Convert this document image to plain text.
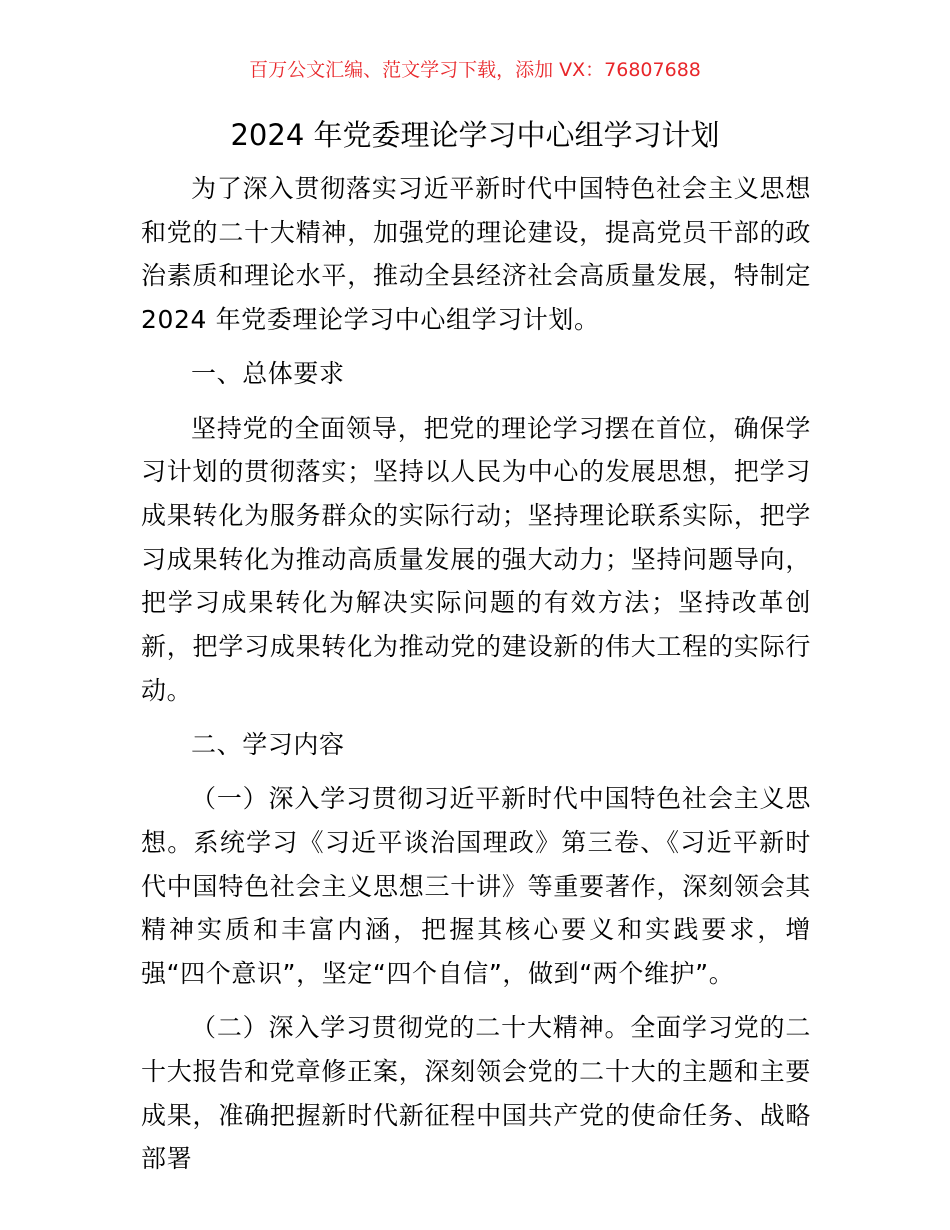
百万公文汇编、范文学习下载，添加 VX：76807688
2024 年党委理论学习中心组学习计划

为了深入贯彻落实习近平新时代中国特色社会主义思想和党的二十大精神，加强党的理论建设，提高党员干部的政治素质和理论水平，推动全县经济社会高质量发展，特制定 2024 年党委理论学习中心组学习计划。

一、总体要求

坚持党的全面领导，把党的理论学习摆在首位，确保学习计划的贯彻落实；坚持以人民为中心的发展思想，把学习成果转化为服务群众的实际行动；坚持理论联系实际，把学习成果转化为推动高质量发展的强大动力；坚持问题导向，把学习成果转化为解决实际问题的有效方法；坚持改革创新，把学习成果转化为推动党的建设新的伟大工程的实际行动。

二、学习内容

（一）深入学习贯彻习近平新时代中国特色社会主义思想。系统学习《习近平谈治国理政》第三卷、《习近平新时代中国特色社会主义思想三十讲》等重要著作，深刻领会其精神实质和丰富内涵，把握其核心要义和实践要求，增强“四个意识”，坚定“四个自信”，做到“两个维护”。

（二）深入学习贯彻党的二十大精神。全面学习党的二十大报告和党章修正案，深刻领会党的二十大的主题和主要成果，准确把握新时代新征程中国共产党的使命任务、战略部署
